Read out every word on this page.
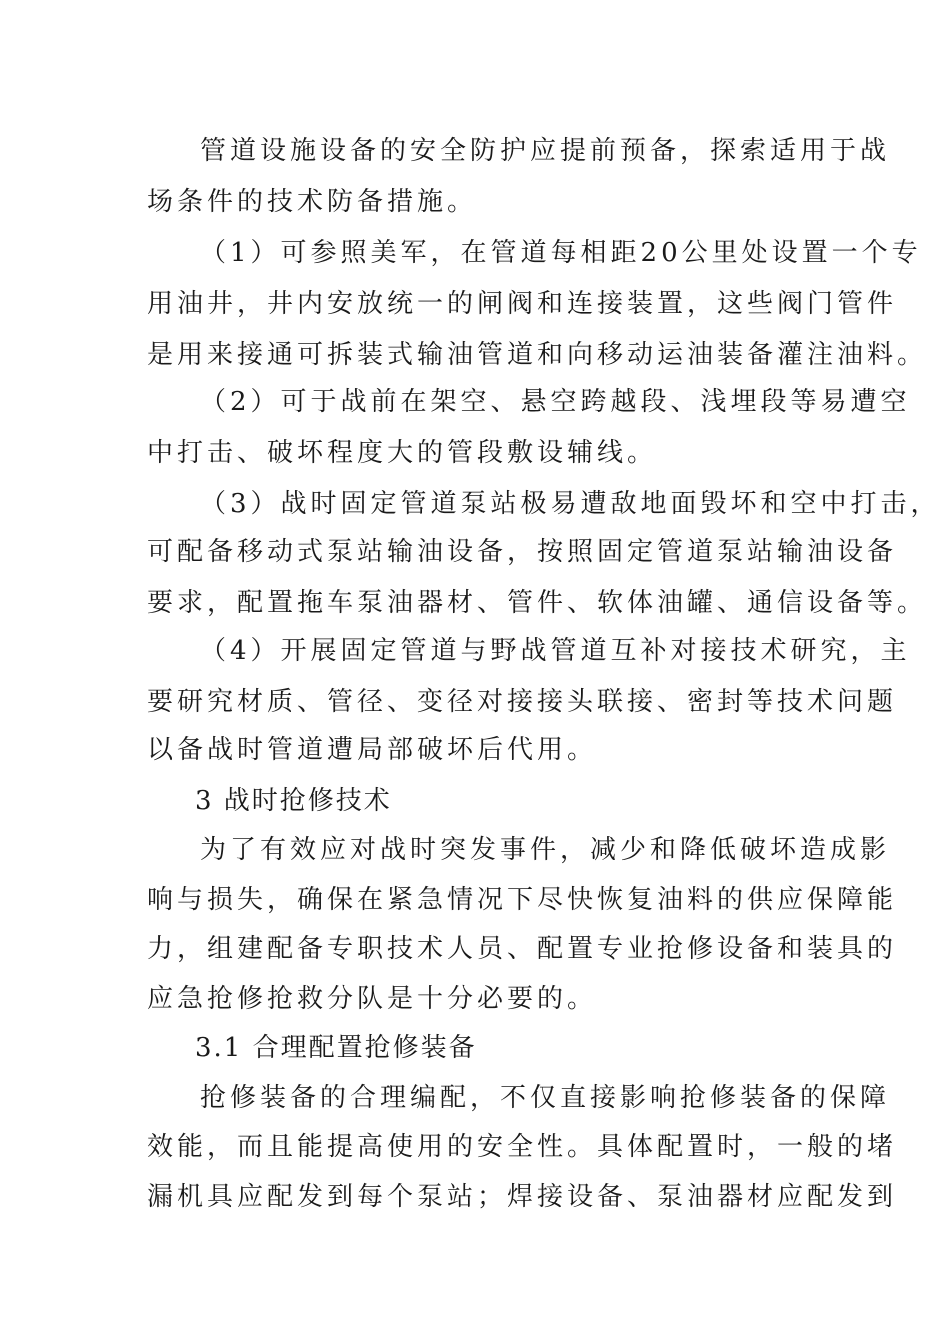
管道设施设备的安全防护应提前预备，探索适用于战
场条件的技术防备措施。
（1）可参照美军，在管道每相距20公里处设置一个专
用油井，井内安放统一的闸阀和连接装置，这些阀门管件
是用来接通可拆装式输油管道和向移动运油装备灌注油料。
（2）可于战前在架空、悬空跨越段、浅埋段等易遭空
中打击、破坏程度大的管段敷设辅线。
（3）战时固定管道泵站极易遭敌地面毁坏和空中打击，
可配备移动式泵站输油设备，按照固定管道泵站输油设备
要求，配置拖车泵油器材、管件、软体油罐、通信设备等。
（4）开展固定管道与野战管道互补对接技术研究，主
要研究材质、管径、变径对接接头联接、密封等技术问题
以备战时管道遭局部破坏后代用。
3 战时抢修技术
为了有效应对战时突发事件，减少和降低破坏造成影
响与损失，确保在紧急情况下尽快恢复油料的供应保障能
力，组建配备专职技术人员、配置专业抢修设备和装具的
应急抢修抢救分队是十分必要的。
3.1 合理配置抢修装备
抢修装备的合理编配，不仅直接影响抢修装备的保障
效能，而且能提高使用的安全性。具体配置时，一般的堵
漏机具应配发到每个泵站；焊接设备、泵油器材应配发到
